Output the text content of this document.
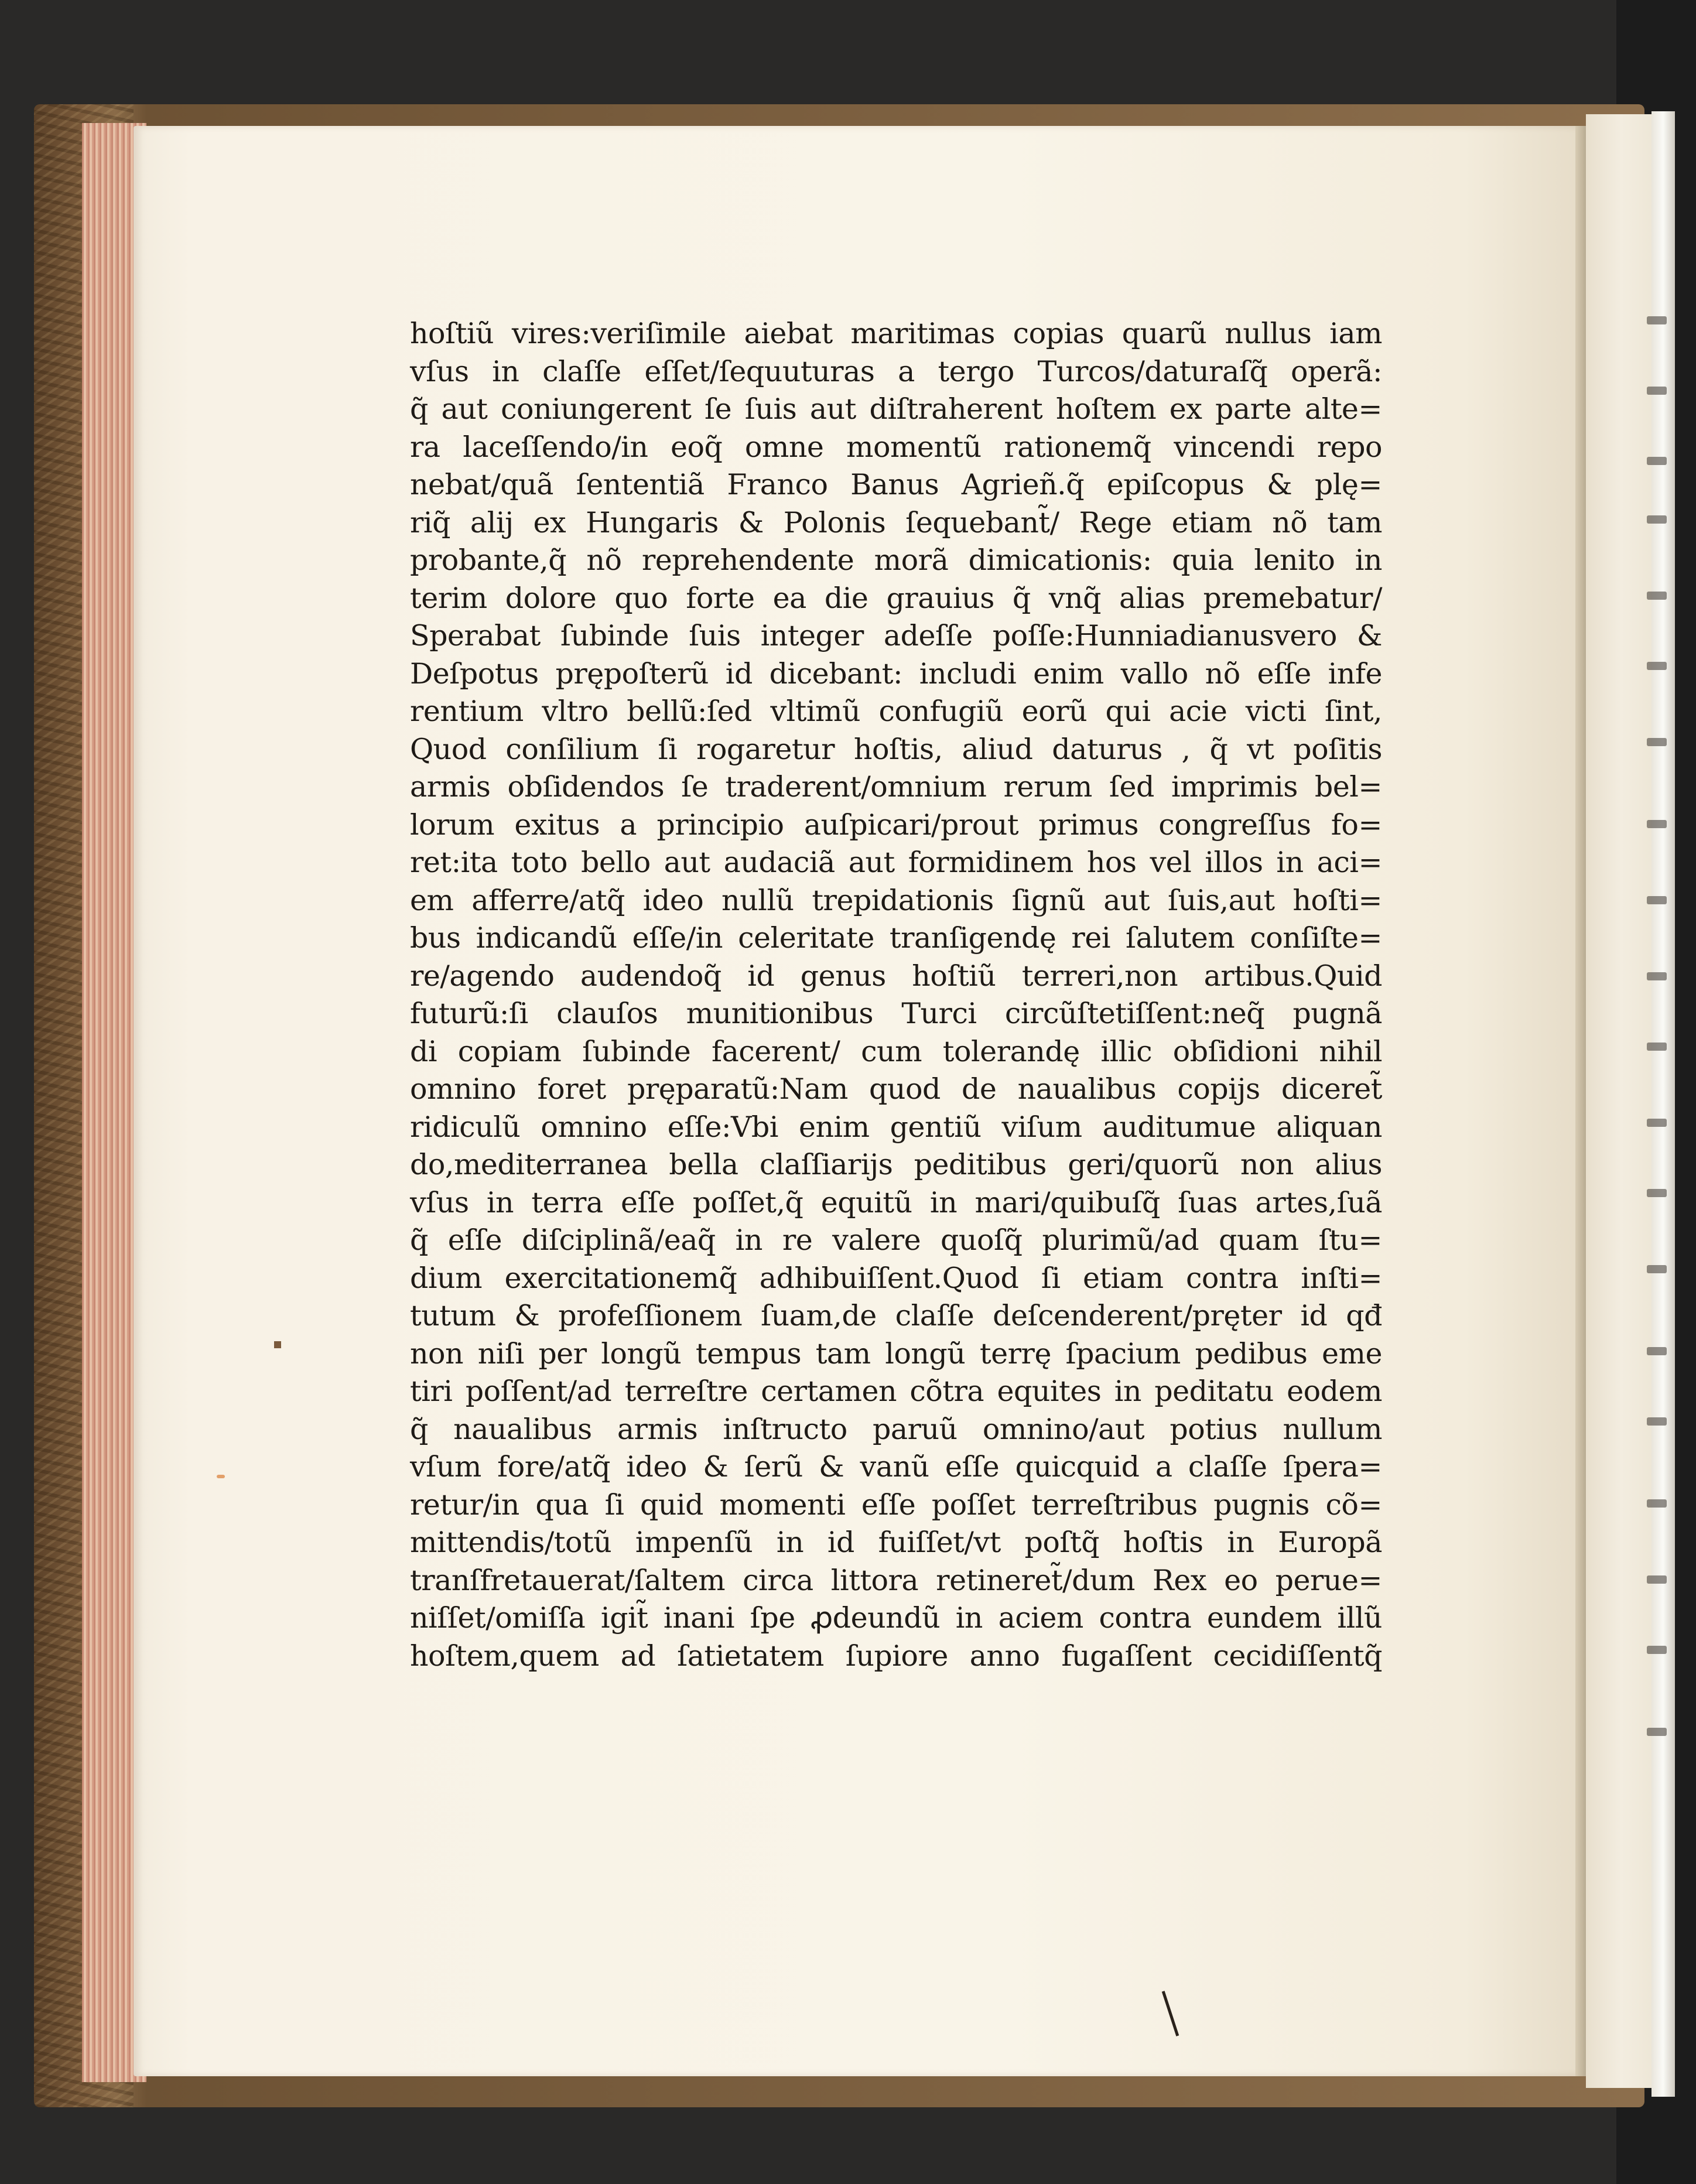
hoſtiũ vires:veriſimile aiebat maritimas copias quarũ nullus iam
vſus in claſſe eſſet/ſequuturas a tergo Turcos/daturaſq̃ operã:
q̃ aut coniungerent ſe ſuis aut diſtraherent hoſtem ex parte alte=
ra laceſſendo/in eoq̃ omne momentũ rationemq̃ vincendi repo
nebat/quã ſententiã Franco Banus Agrieñ.q̃ epiſcopus & plę=
riq̃ alij ex Hungaris & Polonis ſequebant̃/ Rege etiam nõ tam
probante,q̃ nõ reprehendente morã dimicationis: quia lenito in
terim dolore quo forte ea die grauius q̃ vnq̃ alias premebatur/
Sperabat ſubinde ſuis integer adeſſe poſſe:Hunniadianusvero &
Deſpotus prępoſterũ id dicebant: includi enim vallo nõ eſſe infe
rentium vltro bellũ:ſed vltimũ confugiũ eorũ qui acie victi ſint,
Quod conſilium ſi rogaretur hoſtis, aliud daturus , q̃ vt poſitis
armis obſidendos ſe traderent/omnium rerum ſed imprimis bel=
lorum exitus a principio auſpicari/prout primus congreſſus fo=
ret:ita toto bello aut audaciã aut formidinem hos vel illos in aci=
em afferre/atq̃ ideo nullũ trepidationis ſignũ aut ſuis,aut hoſti=
bus indicandũ eſſe/in celeritate tranſigendę rei ſalutem conſiſte=
re/agendo audendoq̃ id genus hoſtiũ terreri,non artibus.Quid
futurũ:ſi clauſos munitionibus Turci circũſtetiſſent:neq̃ pugnã
di copiam ſubinde facerent/ cum tolerandę illic obſidioni nihil
omnino foret pręparatũ:Nam quod de naualibus copijs diceret̃
ridiculũ omnino eſſe:Vbi enim gentiũ viſum auditumue aliquan
do,mediterranea bella claſſiarijs peditibus geri/quorũ non alius
vſus in terra eſſe poſſet,q̃ equitũ in mari/quibuſq̃ ſuas artes,ſuã
q̃ eſſe diſciplinã/eaq̃ in re valere quoſq̃ plurimũ/ad quam ſtu=
dium exercitationemq̃ adhibuiſſent.Quod ſi etiam contra inſti=
tutum & profeſſionem ſuam,de claſſe deſcenderent/pręter id qđ
non niſi per longũ tempus tam longũ terrę ſpacium pedibus eme
tiri poſſent/ad terreſtre certamen cõtra equites in peditatu eodem
q̃ naualibus armis inſtructo paruũ omnino/aut potius nullum
vſum fore/atq̃ ideo & ſerũ & vanũ eſſe quicquid a claſſe ſpera=
retur/in qua ſi quid momenti eſſe poſſet terreſtribus pugnis cõ=
mittendis/totũ impenſũ in id fuiſſet/vt poſtq̃ hoſtis in Europã
tranſfretauerat/ſaltem circa littora retineret̃/dum Rex eo perue=
niſſet/omiſſa igit̃ inani ſpe ꝓdeundũ in aciem contra eundem illũ
hoſtem,quem ad ſatietatem ſupiore anno fugaſſent cecidiſſentq̃
